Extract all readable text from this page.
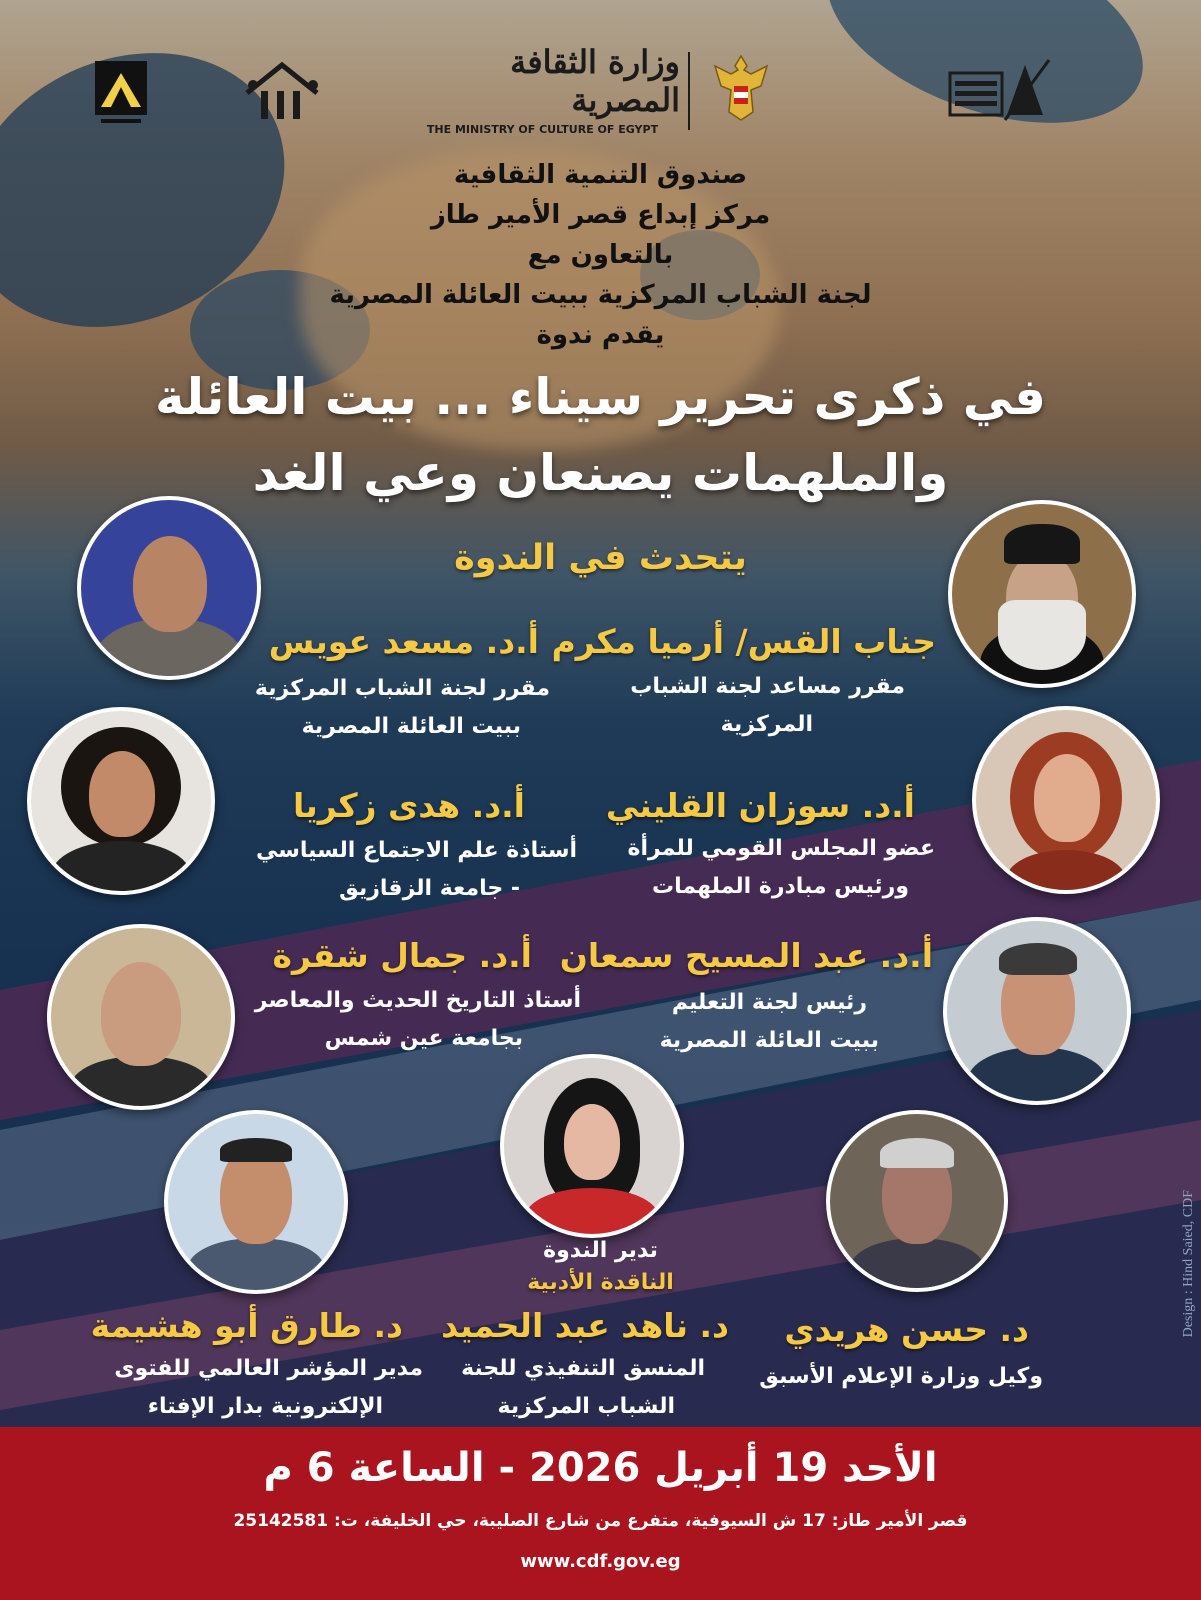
وزارة الثقافة المصرية
THE MINISTRY OF CULTURE OF EGYPT
صندوق التنمية الثقافية
مركز إبداع قصر الأمير طاز
بالتعاون مع
لجنة الشباب المركزية ببيت العائلة المصرية
يقدم ندوة
في ذكرى تحرير سيناء ... بيت العائلة
والملهمات يصنعان وعي الغد
يتحدث في الندوة
جناب القس/ أرميا مكرم
مقرر مساعد لجنة الشباب
المركزية
أ.د. مسعد عويس
مقرر لجنة الشباب المركزية
ببيت العائلة المصرية
أ.د. سوزان القليني
عضو المجلس القومي للمرأة
ورئيس مبادرة الملهمات
أ.د. هدى زكريا
أستاذة علم الاجتماع السياسي
- جامعة الزقازيق
أ.د. عبد المسيح سمعان
رئيس لجنة التعليم
ببيت العائلة المصرية
أ.د. جمال شقرة
أستاذ التاريخ الحديث والمعاصر
بجامعة عين شمس
د. حسن هريدي
وكيل وزارة الإعلام الأسبق
تدير الندوة
الناقدة الأدبية
د. ناهد عبد الحميد
المنسق التنفيذي للجنة
الشباب المركزية
د. طارق أبو هشيمة
مدير المؤشر العالمي للفتوى
الإلكترونية بدار الإفتاء
Design : Hind Saied, CDF
الأحد 19 أبريل 2026 - الساعة 6 م
قصر الأمير طاز: 17 ش السيوفية، متفرع من شارع الصليبة، حي الخليفة، ت: 25142581
www.cdf.gov.eg
